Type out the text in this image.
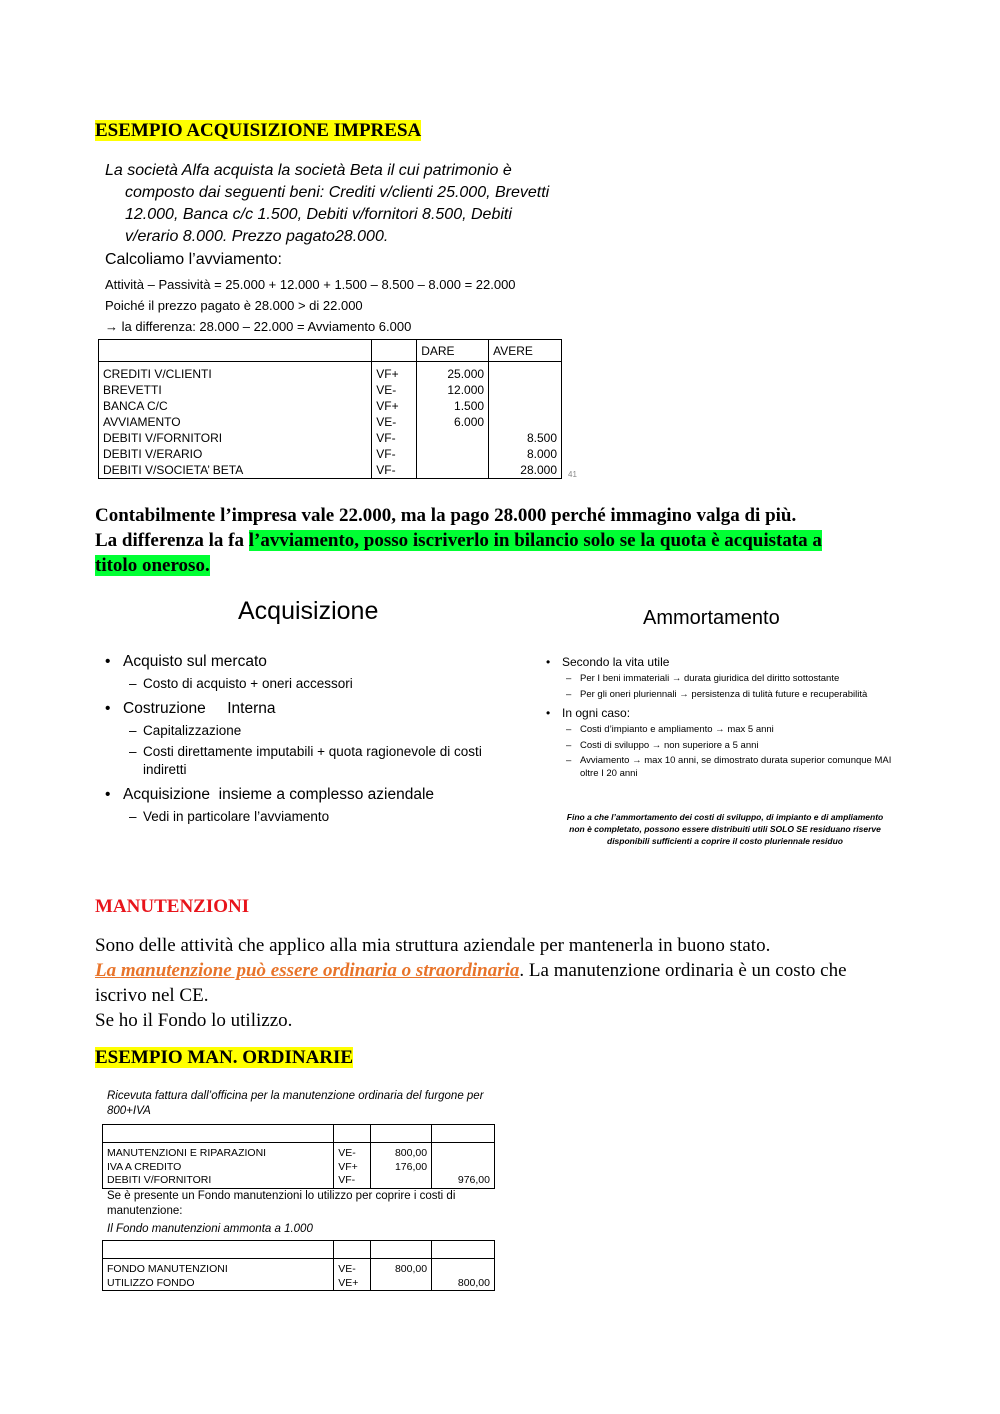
ESEMPIO ACQUISIZIONE IMPRESA
La società Alfa acquista la società Beta il cui patrimonio è
composto dai seguenti beni: Crediti v/clienti 25.000, Brevetti
12.000, Banca c/c 1.500, Debiti v/fornitori 8.500, Debiti
v/erario 8.000. Prezzo pagato28.000.
Calcoliamo l’avviamento:
Attività – Passività = 25.000 + 12.000 + 1.500 – 8.500 – 8.000 = 22.000
Poiché il prezzo pagato è 28.000 > di 22.000
→ la differenza: 28.000 – 22.000 = Avviamento 6.000
		DARE	AVERE
CREDITI V/CLIENTI	VF+	25.000	
BREVETTI	VE-	12.000	
BANCA C/C	VF+	1.500	
AVVIAMENTO	VE-	6.000	
DEBITI V/FORNITORI	VF-		8.500
DEBITI V/ERARIO	VF-		8.000
DEBITI V/SOCIETA’ BETA	VF-		28.000 41
Contabilmente l’impresa vale 22.000, ma la pago 28.000 perché immagino valga di più.
La differenza la fa l’avviamento, posso iscriverlo in bilancio solo se la quota è acquistata a
titolo oneroso.
Acquisizione
• Acquisto sul mercato
– Costo di acquisto + oneri accessori
• Costruzione     Interna
– Capitalizzazione
– Costi direttamente imputabili + quota ragionevole di costi indiretti
• Acquisizione  insieme a complesso aziendale
– Vedi in particolare l’avviamento
Ammortamento
• Secondo la vita utile
– Per I beni immateriali → durata giuridica del diritto sottostante
– Per gli oneri pluriennali → persistenza di tulità future e recuperabilità
• In ogni caso:
– Costi d’impianto e ampliamento → max 5 anni
– Costi di sviluppo → non superiore a 5 anni
– Avviamento → max 10 anni, se dimostrato durata superior comunque MAI oltre I 20 anni
Fino a che l’ammortamento dei costi di sviluppo, di impianto e di ampliamento non è completato, possono essere distribuiti utili SOLO SE residuano riserve disponibili sufficienti a coprire il costo pluriennale residuo
MANUTENZIONI
Sono delle attività che applico alla mia struttura aziendale per mantenerla in buono stato.
La manutenzione può essere ordinaria o straordinaria. La manutenzione ordinaria è un costo che
iscrivo nel CE.
Se ho il Fondo lo utilizzo.
ESEMPIO MAN. ORDINARIE
Ricevuta fattura dall’officina per la manutenzione ordinaria del furgone per 800+IVA

MANUTENZIONI E RIPARAZIONI	VE-	800,00	
IVA A CREDITO	VF+	176,00	
DEBITI V/FORNITORI	VF-		976,00
Se è presente un Fondo manutenzioni lo utilizzo per coprire i costi di manutenzione:
Il Fondo manutenzioni ammonta a 1.000

FONDO MANUTENZIONI	VE-	800,00	
UTILIZZO FONDO	VE+		800,00
